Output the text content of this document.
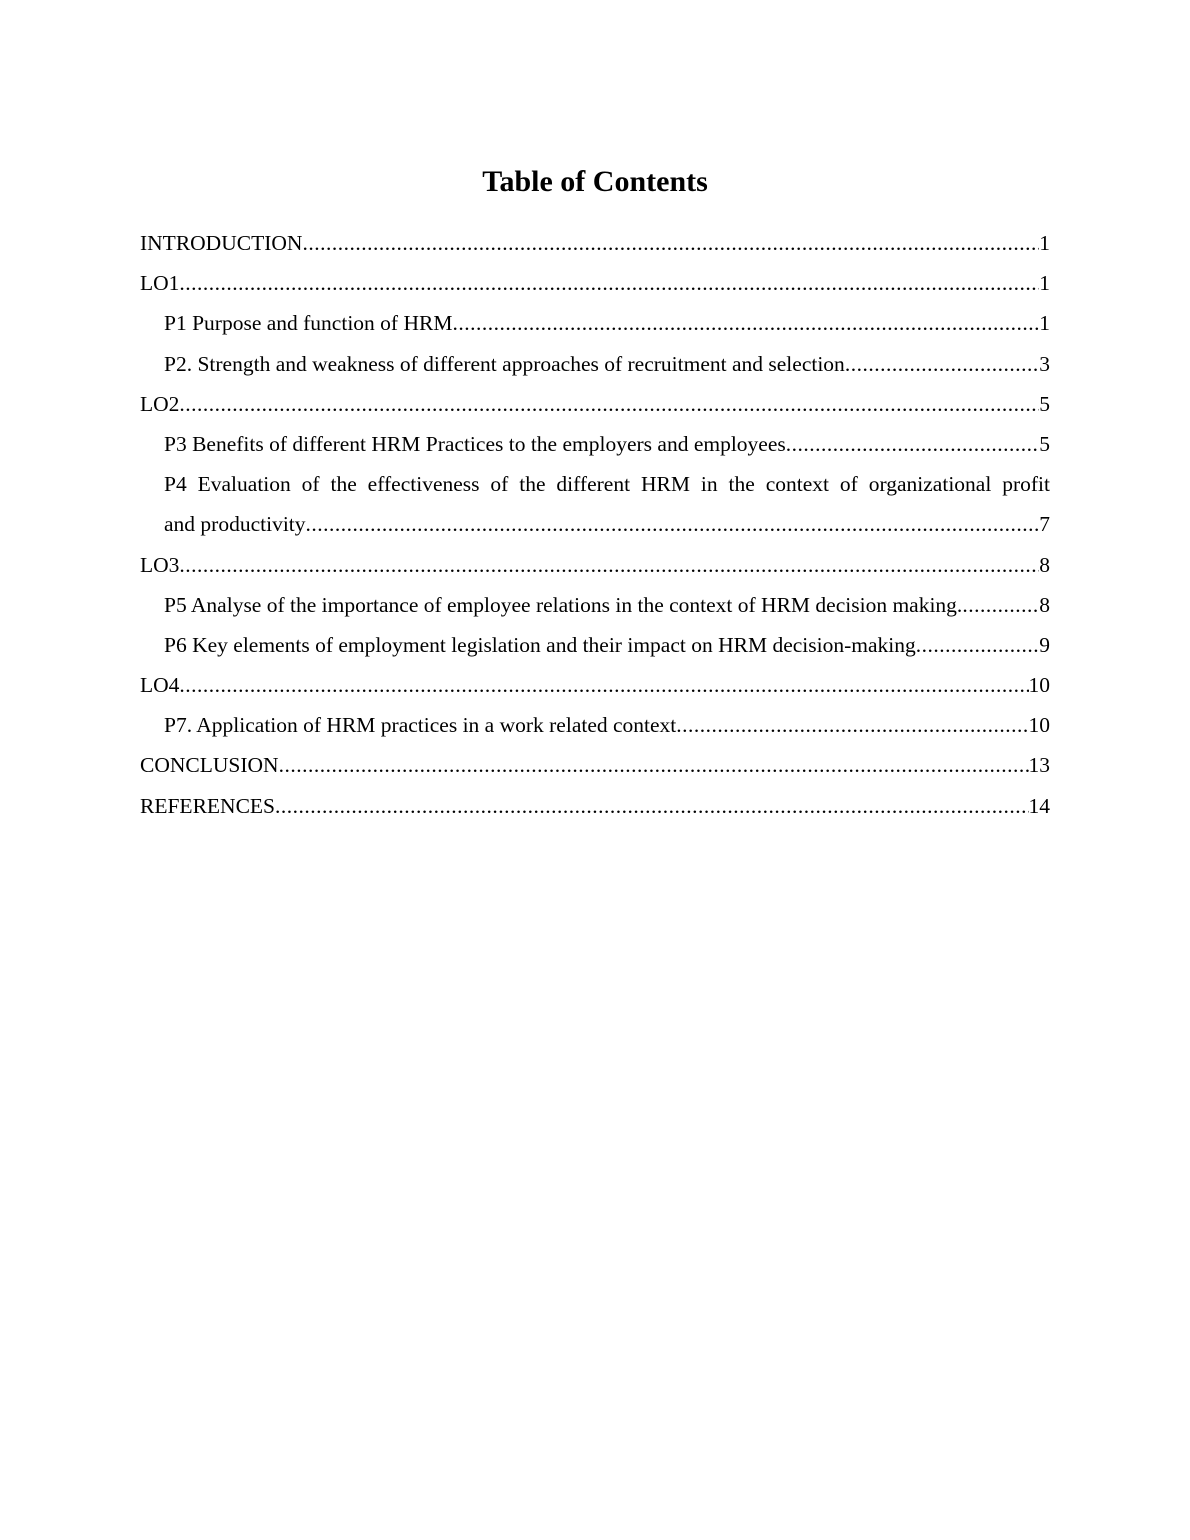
Table of Contents
INTRODUCTION .....	1
LO1 .....	1
P1 Purpose and function of HRM .....	1
P2. Strength and weakness of different approaches of recruitment and selection .....	3
LO2 .....	5
P3 Benefits of different HRM Practices to the employers and employees .....	5
P4 Evaluation of the effectiveness of the different HRM in the context of organizational profit
and productivity .....	7
LO3 .....	8
P5 Analyse of the importance of employee relations in the context of HRM decision making. .....	8
P6 Key elements of employment legislation and their impact on HRM decision-making .....	9
LO4 .....	10
P7. Application of HRM practices in a work related context .....	10
CONCLUSION .....	13
REFERENCES .....	14
